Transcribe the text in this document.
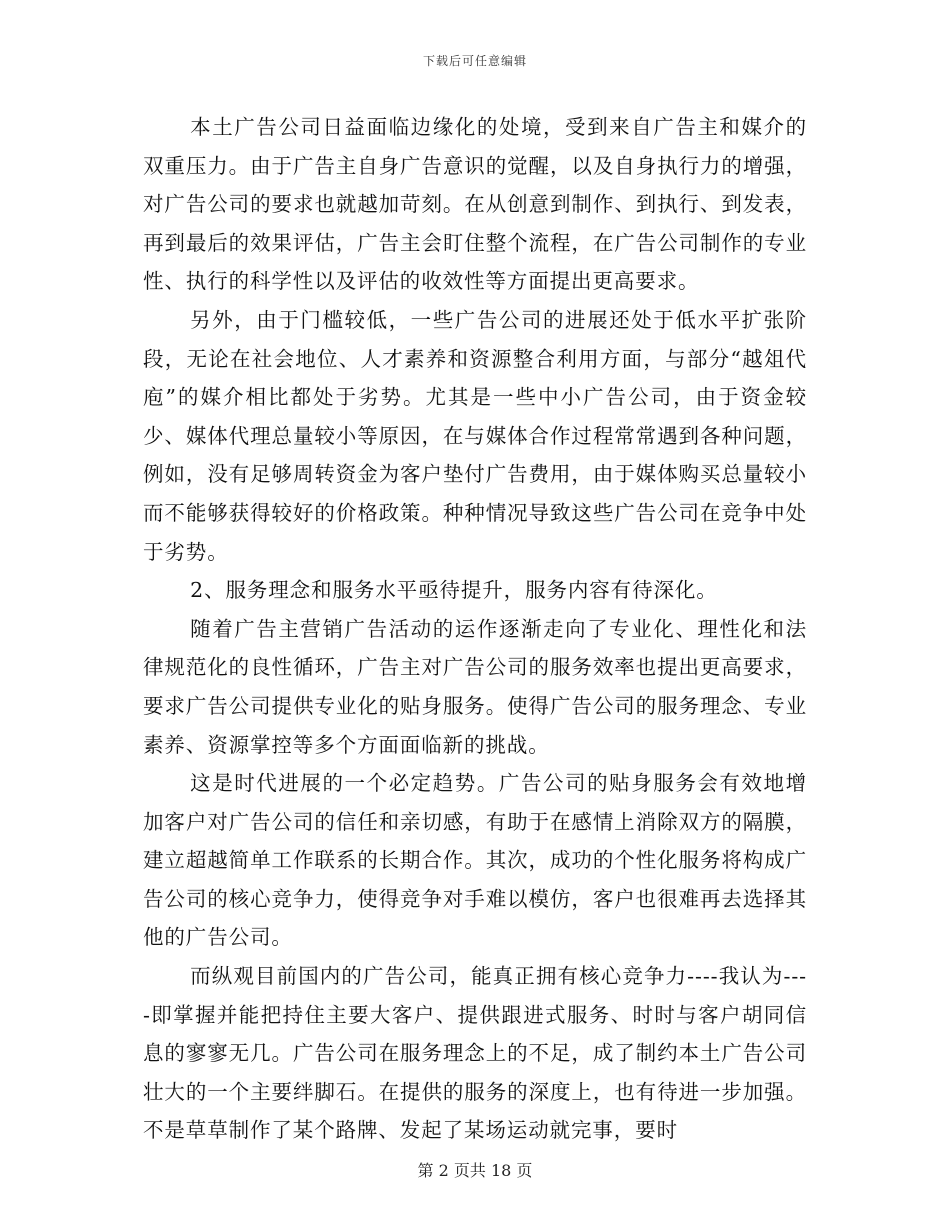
下载后可任意编辑

本土广告公司日益面临边缘化的处境，受到来自广告主和媒介的双重压力。由于广告主自身广告意识的觉醒，以及自身执行力的增强，对广告公司的要求也就越加苛刻。在从创意到制作、到执行、到发表，再到最后的效果评估，广告主会盯住整个流程，在广告公司制作的专业性、执行的科学性以及评估的收效性等方面提出更高要求。

另外，由于门槛较低，一些广告公司的进展还处于低水平扩张阶段，无论在社会地位、人才素养和资源整合利用方面，与部分“越俎代庖”的媒介相比都处于劣势。尤其是一些中小广告公司，由于资金较少、媒体代理总量较小等原因，在与媒体合作过程常常遇到各种问题，例如，没有足够周转资金为客户垫付广告费用，由于媒体购买总量较小而不能够获得较好的价格政策。种种情况导致这些广告公司在竞争中处于劣势。

2、服务理念和服务水平亟待提升，服务内容有待深化。

随着广告主营销广告活动的运作逐渐走向了专业化、理性化和法律规范化的良性循环，广告主对广告公司的服务效率也提出更高要求，要求广告公司提供专业化的贴身服务。使得广告公司的服务理念、专业素养、资源掌控等多个方面面临新的挑战。

这是时代进展的一个必定趋势。广告公司的贴身服务会有效地增加客户对广告公司的信任和亲切感，有助于在感情上消除双方的隔膜，建立超越简单工作联系的长期合作。其次，成功的个性化服务将构成广告公司的核心竞争力，使得竞争对手难以模仿，客户也很难再去选择其他的广告公司。

而纵观目前国内的广告公司，能真正拥有核心竞争力----我认为----即掌握并能把持住主要大客户、提供跟进式服务、时时与客户胡同信息的寥寥无几。广告公司在服务理念上的不足，成了制约本土广告公司壮大的一个主要绊脚石。在提供的服务的深度上，也有待进一步加强。不是草草制作了某个路牌、发起了某场运动就完事，要时

第 2 页共 18 页
